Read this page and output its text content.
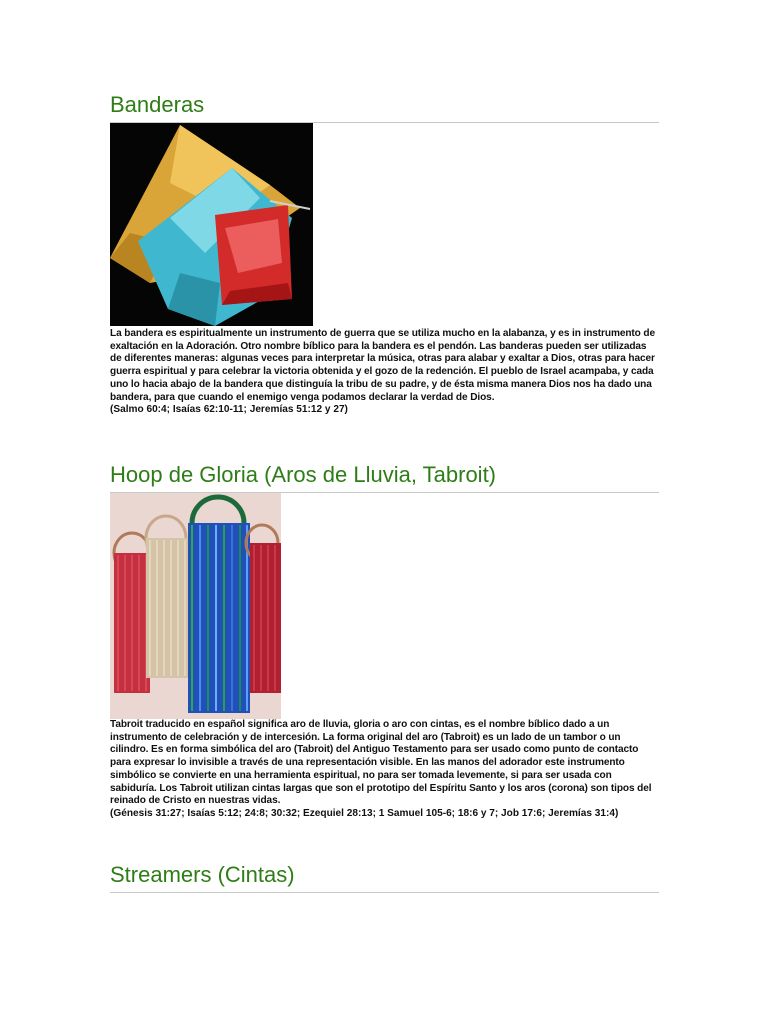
Banderas

La bandera es espiritualmente un instrumento de guerra que se utiliza mucho en la alabanza, y es in instrumento de exaltación en la Adoración. Otro nombre bíblico para la bandera es el pendón. Las banderas pueden ser utilizadas de diferentes maneras: algunas veces para interpretar la música, otras para alabar y exaltar a Dios, otras para hacer guerra espiritual y para celebrar la victoria obtenida y el gozo de la redención. El pueblo de Israel acampaba, y cada uno lo hacia abajo de la bandera que distinguía la tribu de su padre, y de ésta misma manera Dios nos ha dado una bandera, para que cuando el enemigo venga podamos declarar la verdad de Dios.

(Salmo 60:4; Isaías 62:10-11; Jeremías 51:12 y 27)

Hoop de Gloria (Aros de Lluvia, Tabroit)

Tabroit traducido en español significa aro de lluvia, gloria o aro con cintas, es el nombre bíblico dado a un instrumento de celebración y de intercesión. La forma original del aro (Tabroit) es un lado de un tambor o un cilindro. Es en forma simbólica del aro (Tabroit) del Antiguo Testamento para ser usado como punto de contacto para expresar lo invisible a través de una representación visible. En las manos del adorador este instrumento simbólico se convierte en una herramienta espiritual, no para ser tomada levemente, si para ser usada con sabiduría. Los Tabroit utilizan cintas largas que son el prototipo del Espíritu Santo y los aros (corona) son tipos del reinado de Cristo en nuestras vidas.

(Génesis 31:27; Isaías 5:12; 24:8; 30:32; Ezequiel 28:13; 1 Samuel 105-6; 18:6 y 7; Job 17:6; Jeremías 31:4)

Streamers (Cintas)
